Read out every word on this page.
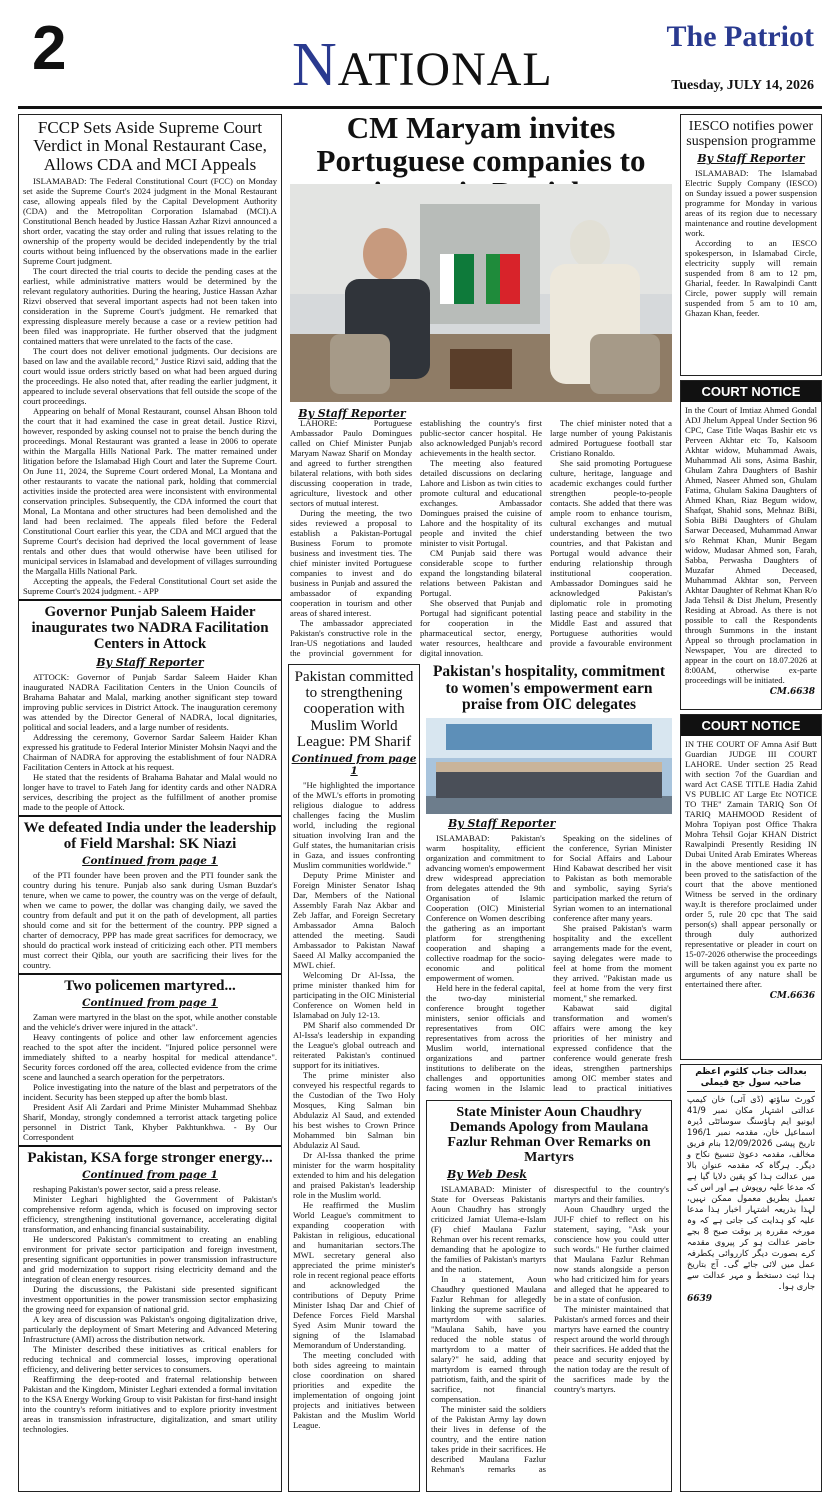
2	NATIONAL
The Patriot
Tuesday, JULY 14, 2026
FCCP Sets Aside Supreme Court Verdict in Monal Restaurant Case, Allows CDA and MCI Appeals

ISLAMABAD: The Federal Constitutional Court (FCC) on Monday set aside the Supreme Court's 2024 judgment in the Monal Restaurant case, allowing appeals filed by the Capital Development Authority (CDA) and the Metropolitan Corporation Islamabad (MCI).A Constitutional Bench headed by Justice Hassan Azhar Rizvi announced a short order, vacating the stay order and ruling that issues relating to the ownership of the property would be decided independently by the trial courts without being influenced by the observations made in the earlier Supreme Court judgment.

The court directed the trial courts to decide the pending cases at the earliest, while administrative matters would be determined by the relevant regulatory authorities. During the hearing, Justice Hassan Azhar Rizvi observed that several important aspects had not been taken into consideration in the Supreme Court's judgment. He remarked that expressing displeasure merely because a case or a review petition had been filed was inappropriate. He further observed that the judgment contained matters that were unrelated to the facts of the case.

The court does not deliver emotional judgments. Our decisions are based on law and the available record," Justice Rizvi said, adding that the court would issue orders strictly based on what had been argued during the proceedings. He also noted that, after reading the earlier judgment, it appeared to include several observations that fell outside the scope of the court proceedings.

Appearing on behalf of Monal Restaurant, counsel Ahsan Bhoon told the court that it had examined the case in great detail. Justice Rizvi, however, responded by asking counsel not to praise the bench during the proceedings. Monal Restaurant was granted a lease in 2006 to operate within the Margalla Hills National Park. The matter remained under litigation before the Islamabad High Court and later the Supreme Court. On June 11, 2024, the Supreme Court ordered Monal, La Montana and other restaurants to vacate the national park, holding that commercial activities inside the protected area were inconsistent with environmental conservation principles. Subsequently, the CDA informed the court that Monal, La Montana and other structures had been demolished and the land had been reclaimed. The appeals filed before the Federal Constitutional Court earlier this year, the CDA and MCI argued that the Supreme Court's decision had deprived the local government of lease rentals and other dues that would otherwise have been utilised for municipal services in Islamabad and development of villages surrounding the Margalla Hills National Park.

Accepting the appeals, the Federal Constitutional Court set aside the Supreme Court's 2024 judgment. - APP

Governor Punjab Saleem Haider inaugurates two NADRA Facilitation Centers in Attock
By Staff Reporter

ATTOCK: Governor of Punjab Sardar Saleem Haider Khan inaugurated NADRA Facilitation Centers in the Union Councils of Brahama Bahatar and Malal, marking another significant step toward improving public services in District Attock. The inauguration ceremony was attended by the Director General of NADRA, local dignitaries, political and social leaders, and a large number of residents.

Addressing the ceremony, Governor Sardar Saleem Haider Khan expressed his gratitude to Federal Interior Minister Mohsin Naqvi and the Chairman of NADRA for approving the establishment of four NADRA Facilitation Centers in Attock at his request.

He stated that the residents of Brahama Bahatar and Malal would no longer have to travel to Fateh Jang for identity cards and other NADRA services, describing the project as the fulfillment of another promise made to the people of Attock.

We defeated India under the leadership of Field Marshal: SK Niazi
Continued from page 1

of the PTI founder have been proven and the PTI founder sank the country during his tenure. Punjab also sank during Usman Buzdar's tenure, when we came to power, the country was on the verge of default, when we came to power, the dollar was changing daily, we saved the country from default and put it on the path of development, all parties should come and sit for the betterment of the country. PPP signed a charter of democracy, PPP has made great sacrifices for democracy, we should do practical work instead of criticizing each other. PTI members must correct their Qibla, our youth are sacrificing their lives for the country.

Two policemen martyred...
Continued from page 1

Zaman were martyred in the blast on the spot, while another constable and the vehicle's driver were injured in the attack".

Heavy contingents of police and other law enforcement agencies reached to the spot after the incident. "Injured police personnel were immediately shifted to a nearby hospital for medical attendance". Security forces cordoned off the area, collected evidence from the crime scene and launched a search operation for the perpetrators.

Police investigating into the nature of the blast and perpetrators of the incident. Security has been stepped up after the bomb blast.

President Asif Ali Zardari and Prime Minister Muhammad Shehbaz Sharif, Monday, strongly condemned a terrorist attack targeting police personnel in District Tank, Khyber Pakhtunkhwa. - By Our Correspondent

Pakistan, KSA forge stronger energy...
Continued from page 1

reshaping Pakistan's power sector, said a press release.

Minister Leghari highlighted the Government of Pakistan's comprehensive reform agenda, which is focused on improving sector efficiency, strengthening institutional governance, accelerating digital transformation, and enhancing financial sustainability.

He underscored Pakistan's commitment to creating an enabling environment for private sector participation and foreign investment, presenting significant opportunities in power transmission infrastructure and grid modernization to support rising electricity demand and the integration of clean energy resources.

During the discussions, the Pakistani side presented significant investment opportunities in the power transmission sector emphasizing the growing need for expansion of national grid.

A key area of discussion was Pakistan's ongoing digitalization drive, particularly the deployment of Smart Metering and Advanced Metering Infrastructure (AMI) across the distribution network.

The Minister described these initiatives as critical enablers for reducing technical and commercial losses, improving operational efficiency, and delivering better services to consumers.

Reaffirming the deep-rooted and fraternal relationship between Pakistan and the Kingdom, Minister Leghari extended a formal invitation to the KSA Energy Working Group to visit Pakistan for first-hand insight into the country's reform initiatives and to explore priority investment areas in transmission infrastructure, digitalization, and smart utility technologies.

CM Maryam invites Portuguese companies to
By Staff Reporter

LAHORE: Portuguese Ambassador Paulo Domingues called on Chief Minister Punjab Maryam Nawaz Sharif on Monday and agreed to further strengthen bilateral relations, with both sides discussing cooperation in trade, agriculture, livestock and other sectors of mutual interest.

During the meeting, the two sides reviewed a proposal to establish a Pakistan-Portugal Business Forum to promote business and investment ties. The chief minister invited Portuguese companies to invest and do business in Punjab and assured the ambassador of expanding cooperation in tourism and other areas of shared interest.

The ambassador appreciated Pakistan's constructive role in the Iran-US negotiations and lauded the provincial government for establishing the country's first public-sector cancer hospital. He also acknowledged Punjab's record achievements in the health sector.

The meeting also featured detailed discussions on declaring Lahore and Lisbon as twin cities to promote cultural and educational exchanges. Ambassador Domingues praised the cuisine of Lahore and the hospitality of its people and invited the chief minister to visit Portugal.

CM Punjab said there was considerable scope to further expand the longstanding bilateral relations between Pakistan and Portugal.

She observed that Punjab and Portugal had significant potential for cooperation in the pharmaceutical sector, energy, water resources, healthcare and digital innovation.

The chief minister noted that a large number of young Pakistanis admired Portuguese football star Cristiano Ronaldo.

She said promoting Portuguese culture, heritage, language and academic exchanges could further strengthen people-to-people contacts. She added that there was ample room to enhance tourism, cultural exchanges and mutual understanding between the two countries, and that Pakistan and Portugal would advance their enduring relationship through institutional cooperation. Ambassador Domingues said he acknowledged Pakistan's diplomatic role in promoting lasting peace and stability in the Middle East and assured that Portuguese authorities would provide a favourable environment

Pakistan committed to strengthening cooperation with Muslim World League: PM Sharif
Continued from page 1

"He highlighted the importance of the MWL's efforts in promoting religious dialogue to address challenges facing the Muslim world, including the regional situation involving Iran and the Gulf states, the humanitarian crisis in Gaza, and issues confronting Muslim communities worldwide."

Deputy Prime Minister and Foreign Minister Senator Ishaq Dar, Members of the National Assembly Farah Naz Akbar and Zeb Jaffar, and Foreign Secretary Ambassador Amna Baloch attended the meeting. Saudi Ambassador to Pakistan Nawaf Saeed Al Malky accompanied the MWL chief.

Welcoming Dr Al-Issa, the prime minister thanked him for participating in the OIC Ministerial Conference on Women held in Islamabad on July 12-13.

PM Sharif also commended Dr Al-Issa's leadership in expanding the League's global outreach and reiterated Pakistan's continued support for its initiatives.

The prime minister also conveyed his respectful regards to the Custodian of the Two Holy Mosques, King Salman bin Abdulaziz Al Saud, and extended his best wishes to Crown Prince Mohammed bin Salman bin Abdulaziz Al Saud.

Dr Al-Issa thanked the prime minister for the warm hospitality extended to him and his delegation and praised Pakistan's leadership role in the Muslim world.

He reaffirmed the Muslim World League's commitment to expanding cooperation with Pakistan in religious, educational and humanitarian sectors.The MWL secretary general also appreciated the prime minister's role in recent regional peace efforts and acknowledged the contributions of Deputy Prime Minister Ishaq Dar and Chief of Defence Forces Field Marshal Syed Asim Munir toward the signing of the Islamabad Memorandum of Understanding.

The meeting concluded with both sides agreeing to maintain close coordination on shared priorities and expedite the implementation of ongoing joint projects and initiatives between Pakistan and the Muslim World League.

Pakistan's hospitality, commitment to women's empowerment earn praise from OIC delegates
By Staff Reporter

ISLAMABAD: Pakistan's warm hospitality, efficient organization and commitment to advancing women's empowerment drew widespread appreciation from delegates attended the 9th Organisation of Islamic Cooperation (OIC) Ministerial Conference on Women describing the gathering as an important platform for strengthening cooperation and shaping a collective roadmap for the socio-economic and political empowerment of women.

Held here in the federal capital, the two-day ministerial conference brought together ministers, senior officials and representatives from OIC representatives from across the Muslim world, international organizations and partner institutions to deliberate on the challenges and opportunities facing women in the Islamic

Speaking on the sidelines of the conference, Syrian Minister for Social Affairs and Labour Hind Kabawat described her visit to Pakistan as both memorable and symbolic, saying Syria's participation marked the return of Syrian women to an international conference after many years.

She praised Pakistan's warm hospitality and the excellent arrangements made for the event, saying delegates were made to feel at home from the moment they arrived. "Pakistan made us feel at home from the very first moment," she remarked.

Kabawat said digital transformation and women's affairs were among the key priorities of her ministry and expressed confidence that the conference would generate fresh ideas, strengthen partnerships among OIC member states and lead to practical initiatives

State Minister Aoun Chaudhry Demands Apology from Maulana Fazlur Rehman Over Remarks on Martyrs
By Web Desk

ISLAMABAD: Minister of State for Overseas Pakistanis Aoun Chaudhry has strongly criticized Jamiat Ulema-e-Islam (F) chief Maulana Fazlur Rehman over his recent remarks, demanding that he apologize to the families of Pakistan's martyrs and the nation.

In a statement, Aoun Chaudhry questioned Maulana Fazlur Rehman for allegedly linking the supreme sacrifice of martyrdom with salaries. "Maulana Sahib, have you reduced the noble status of martyrdom to a matter of salary?" he said, adding that martyrdom is earned through patriotism, faith, and the spirit of sacrifice, not financial compensation.

The minister said the soldiers of the Pakistan Army lay down their lives in defense of the country, and the entire nation takes pride in their sacrifices. He described Maulana Fazlur Rehman's remarks as disrespectful to the country's martyrs and their families.

Aoun Chaudhry urged the JUI-F chief to reflect on his statement, saying, "Ask your conscience how you could utter such words." He further claimed that Maulana Fazlur Rehman now stands alongside a person who had criticized him for years and alleged that he appeared to be in a state of confusion.

The minister maintained that Pakistan's armed forces and their martyrs have earned the country respect around the world through their sacrifices. He added that the peace and security enjoyed by the nation today are the result of the sacrifices made by the country's martyrs.

IESCO notifies power suspension programme
By Staff Reporter

ISLAMABAD: The Islamabad Electric Supply Company (IESCO) on Sunday issued a power suspension programme for Monday in various areas of its region due to necessary maintenance and routine development work.

According to an IESCO spokesperson, in Islamabad Circle, electricity supply will remain suspended from 8 am to 12 pm, Gharial, feeder. In Rawalpindi Cantt Circle, power supply will remain suspended from 5 am to 10 am, Ghazan Khan, feeder.

COURT NOTICE
In the Court of Imtiaz Ahmed Gondal ADJ Jhelum Appeal Under Section 96 CPC, Case Title Waqas Bashir etc vs Perveen Akhtar etc To, Kalsoom Akhtar widow, Muhammad Awais, Muhammad Ali sons, Asima Bashir, Ghulam Zahra Daughters of Bashir Ahmed, Naseer Ahmed son, Ghulam Fatima, Ghulam Sakina Daughters of Ahmed Khan, Riaz Begum widow, Shafqat, Shahid sons, Mehnaz BiBi, Sobia BiBi Daughters of Ghulam Sarwar Deceased, Muhammad Anwar s/o Rehmat Khan, Munir Begam widow, Mudasar Ahmed son, Farah, Sabba, Perwasha Daughters of Muzafar Ahmed Deceased, Muhammad Akhtar son, Perveen Akhtar Daughter of Rehmat Khan R/o Jada Tehsil & Dist Jhelum, Presently Residing at Abroad. As there is not possible to call the Respondents through Summons in the instant Appeal so through proclamation in Newspaper, You are directed to appear in the court on 18.07.2026 at 8:00AM, otherwise ex-parte proceedings will be initiated.
CM.6638
COURT NOTICE
IN THE COURT OF Amna Asif Butt Guardian JUDGE III COURT LAHORE. Under section 25 Read with section 7of the Guardian and ward Act CASE TITLE Hadia Zahid VS PUBLIC AT Large Etc NOTICE TO THE" Zamain TARIQ Son Of TARIQ MAHMOOD Resident of Mohra Topiyan post Office Thakra Mohra Tehsil Gojar KHAN District Rawalpindi Presently Residing IN Dubai United Arab Emirates Whereas in the above mentioned case it has been proved to the satisfaction of the court that the above mentioned Witness be served in the ordinary way.It is therefore proclaimed under order 5, rule 20 cpc that The said person(s) shall appear personally or through duly authorized representative or pleader in court on 15-07-2026 otherwise the proceedings will be taken against you ex parte no arguments of any nature shall be entertained there after.
CM.6636
بعدالت جناب کلثوم اعظم صاحبہ سول جج فیملی
کورٹ ساؤتھ (ڈی آئی) خان کیمپ عدالتی اشتہار مکان نمبر 41/9 ایونیو ایم ہاؤسنگ سوسائٹی ڈیرہ اسماعیل خان، مقدمہ نمبر 196/1 تاریخ پیشی 12/09/2026 بنام فریق مخالف، مقدمہ دعویٰ تنسیخ نکاح و دیگر۔ ہرگاہ کہ مقدمہ عنوان بالا میں عدالت ہذا کو یقین دلایا گیا ہے کہ مدعا علیہ روپوش ہے اور اس کی تعمیل بطریق معمول ممکن نہیں، لہذا بذریعہ اشتہار اخبار ہذا مدعا علیہ کو ہدایت کی جاتی ہے کہ وہ مورخہ مقررہ پر بوقت صبح 8 بجے حاضر عدالت ہو کر پیروی مقدمہ کرے بصورت دیگر کارروائی یکطرفہ عمل میں لائی جائے گی۔ آج بتاریخ ہذا ثبت دستخط و مہر عدالت سے جاری ہوا۔
6639
